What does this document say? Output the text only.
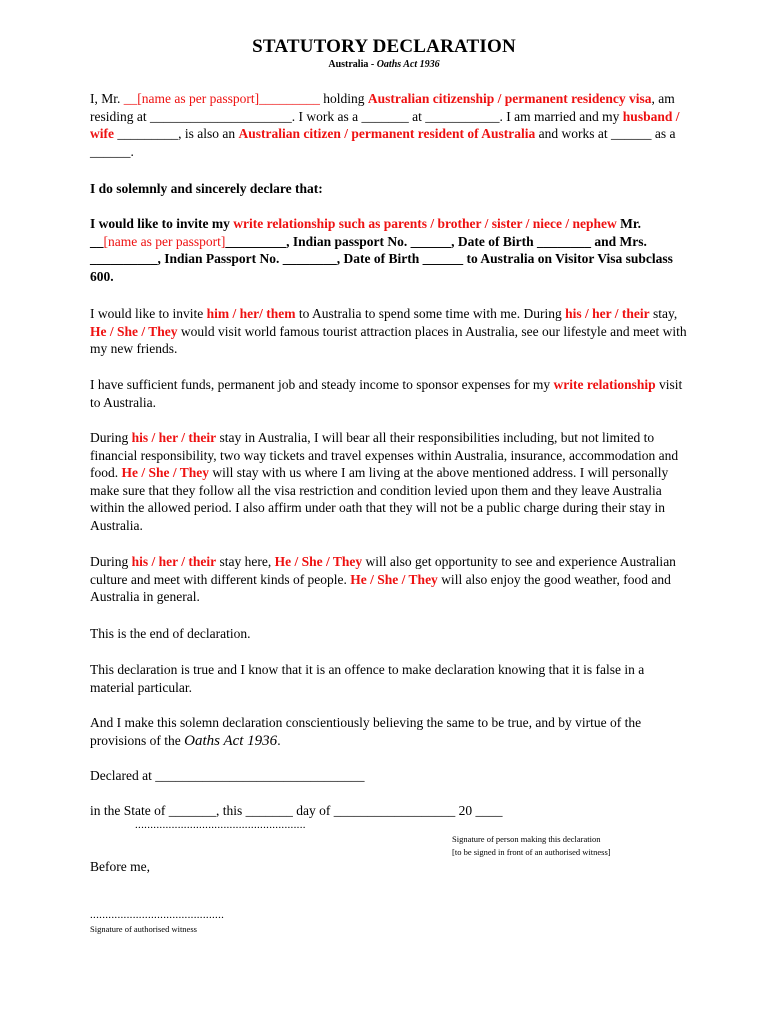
STATUTORY DECLARATION
Australia - Oaths Act 1936
I, Mr. __[name as per passport]_________ holding Australian citizenship / permanent residency visa, am residing at _____________________. I work as a _______ at ___________. I am married and my husband / wife _________, is also an Australian citizen / permanent resident of Australia and works at ______ as a ______.
I do solemnly and sincerely declare that:
I would like to invite my write relationship such as parents / brother / sister / niece / nephew Mr. __[name as per passport]_________, Indian passport No. ______, Date of Birth ________ and Mrs. __________, Indian Passport No. ________, Date of Birth ______ to Australia on Visitor Visa subclass 600.
I would like to invite him / her/ them to Australia to spend some time with me. During his / her / their stay, He / She / They would visit world famous tourist attraction places in Australia, see our lifestyle and meet with my new friends.
I have sufficient funds, permanent job and steady income to sponsor expenses for my write relationship visit to Australia.
During his / her / their stay in Australia, I will bear all their responsibilities including, but not limited to financial responsibility, two way tickets and travel expenses within Australia, insurance, accommodation and food. He / She / They will stay with us where I am living at the above mentioned address. I will personally make sure that they follow all the visa restriction and condition levied upon them and they leave Australia within the allowed period. I also affirm under oath that they will not be a public charge during their stay in Australia.
During his / her / their stay here, He / She / They will also get opportunity to see and experience Australian culture and meet with different kinds of people. He / She / They will also enjoy the good weather, food and Australia in general.
This is the end of declaration.
This declaration is true and I know that it is an offence to make declaration knowing that it is false in a material particular.
And I make this solemn declaration conscientiously believing the same to be true, and by virtue of the provisions of the Oaths Act 1936.
Declared at _______________________________
in the State of _______, this _______ day of __________________ 20 ____
........................................................
Signature of person making this declaration
[to be signed in front of an authorised witness]
Before me,
............................................
Signature of authorised witness
